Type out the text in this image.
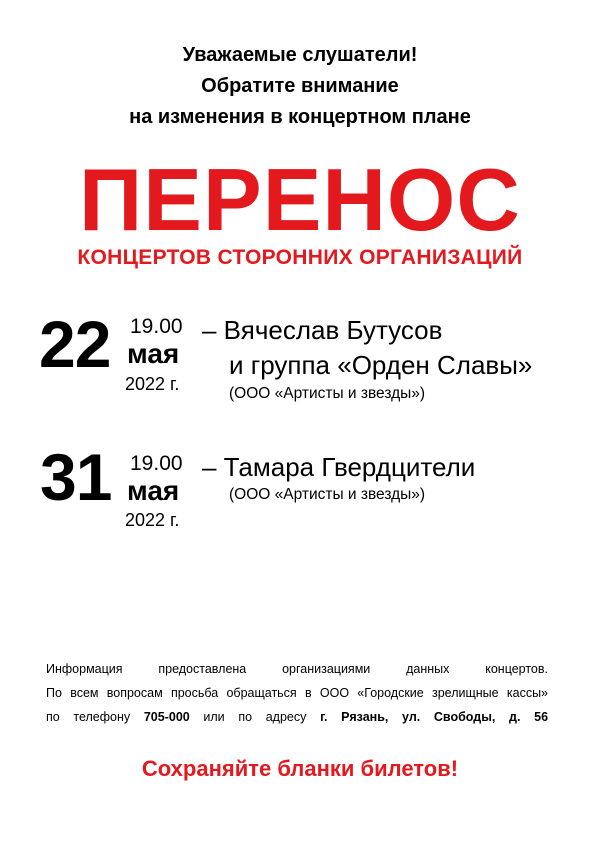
Уважаемые слушатели!
Обратите внимание
на изменения в концертном плане
ПЕРЕНОС
КОНЦЕРТОВ СТОРОННИХ ОРГАНИЗАЦИЙ
22 19.00
мая
2022 г.
– Вячеслав Бутусов
и группа «Орден Славы»
(ООО «Артисты и звезды»)
31 19.00
мая
2022 г.
– Тамара Гвердцители
(ООО «Артисты и звезды»)
Информация предоставлена организациями данных концертов.
По всем вопросам просьба обращаться в ООО «Городские зрелищные кассы»
по телефону 705-000 или по адресу г. Рязань, ул. Свободы, д. 56
Сохраняйте бланки билетов!
